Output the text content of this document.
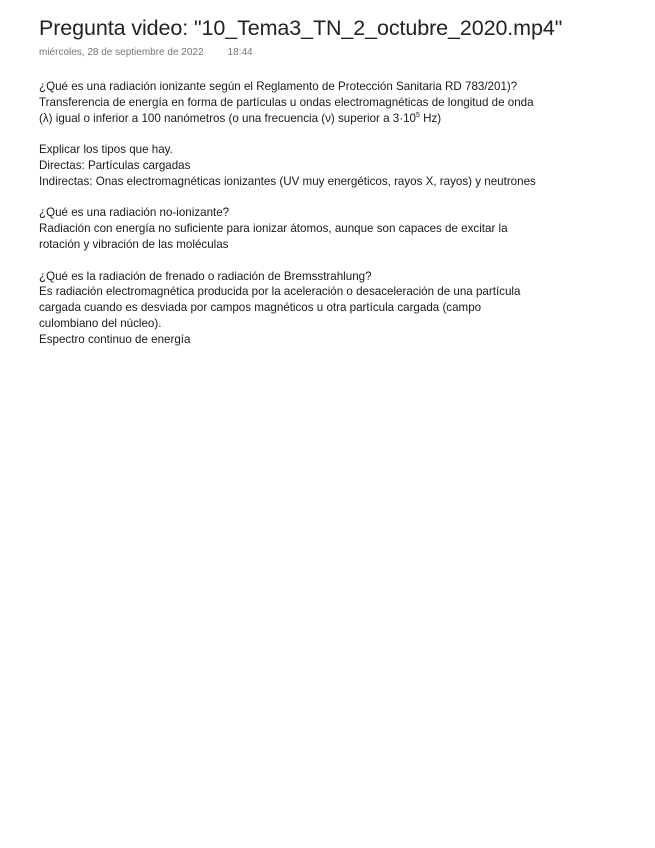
Pregunta video: "10_Tema3_TN_2_octubre_2020.mp4"
miércoles, 28 de septiembre de 2022 18:44
¿Qué es una radiación ionizante según el Reglamento de Protección Sanitaria RD 783/201)?
Transferencia de energía en forma de partículas u ondas electromagnéticas de longitud de onda
(λ) igual o inferior a 100 nanómetros (o una frecuencia (ν) superior a $3\cdot 10^5$ Hz)
Explicar los tipos que hay.
Directas: Partículas cargadas
Indirectas: Onas electromagnéticas ionizantes (UV muy energéticos, rayos X, rayos) y neutrones
¿Qué es una radiación no-ionizante?
Radiación con energía no suficiente para ionizar átomos, aunque son capaces de excitar la
rotación y vibración de las moléculas
¿Qué es la radiación de frenado o radiación de Bremsstrahlung?
Es radiación electromagnética producida por la aceleración o desaceleración de una partícula
cargada cuando es desviada por campos magnéticos u otra partícula cargada (campo
culombiano del núcleo).
Espectro continuo de energía
